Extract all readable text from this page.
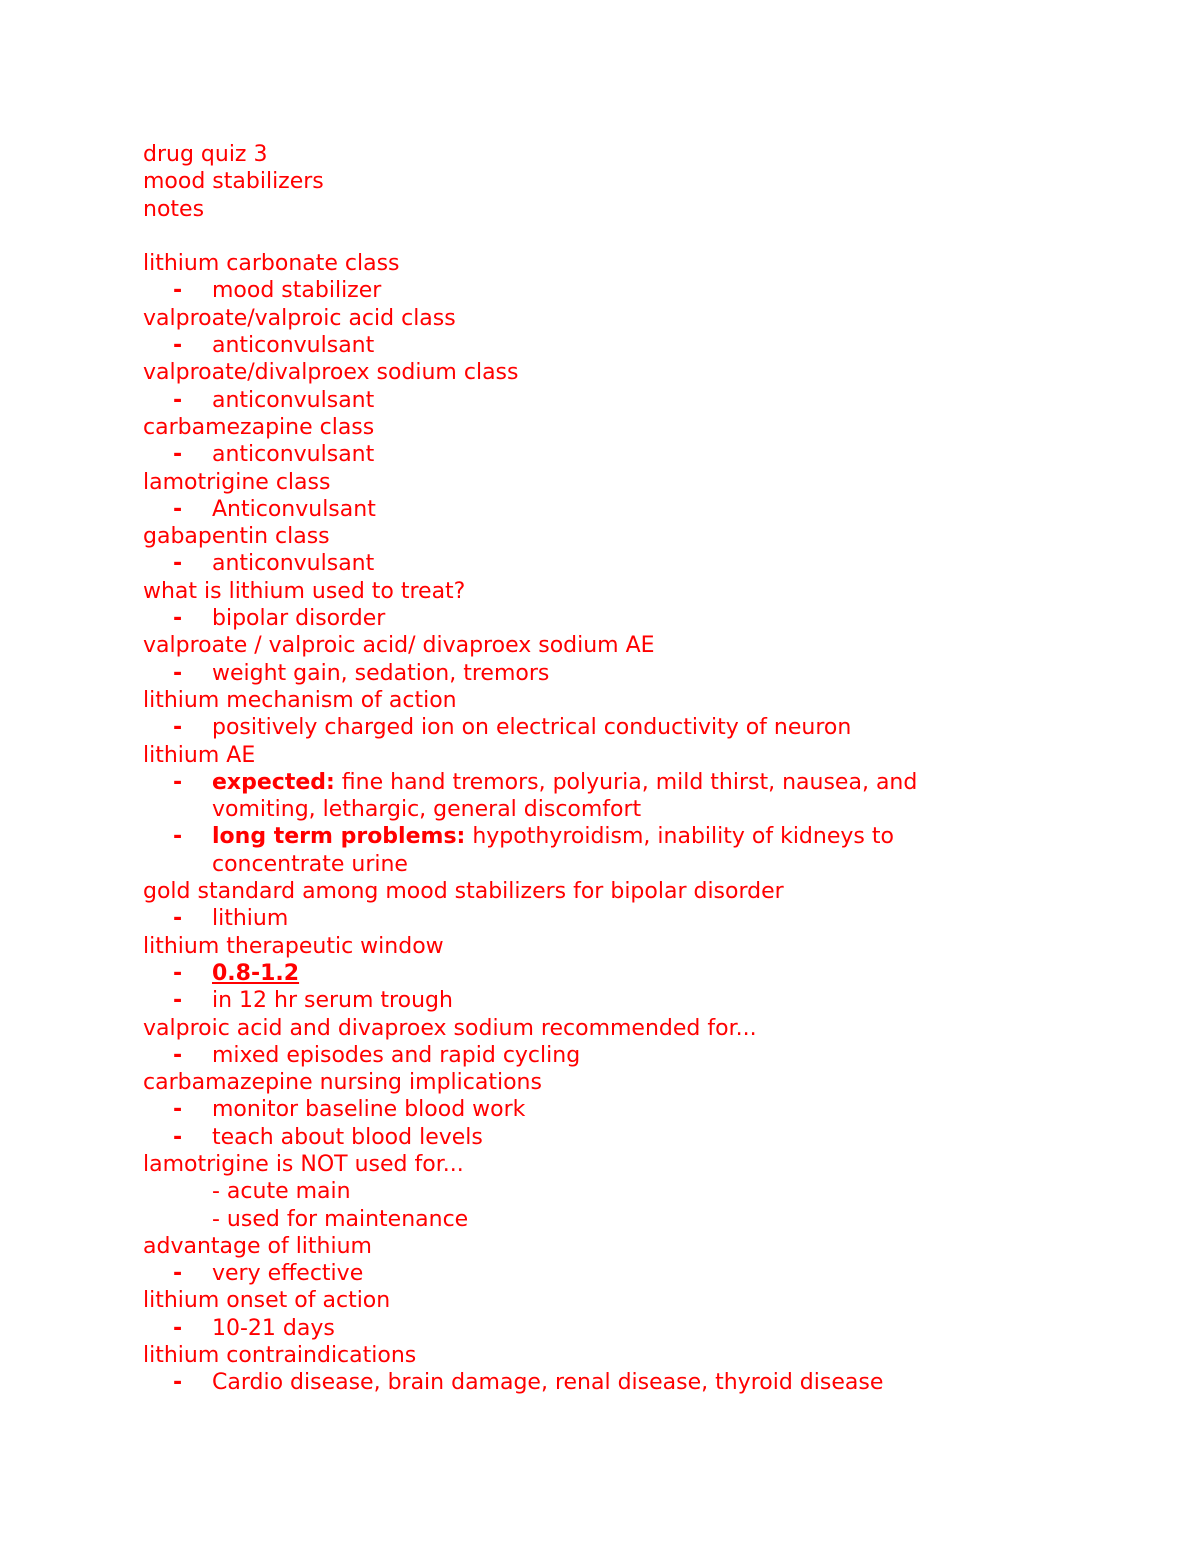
drug quiz 3
mood stabilizers
notes
lithium carbonate class
- mood stabilizer
valproate/valproic acid class
- anticonvulsant
valproate/divalproex sodium class
- anticonvulsant
carbamezapine class
- anticonvulsant
lamotrigine class
- Anticonvulsant
gabapentin class
- anticonvulsant
what is lithium used to treat?
- bipolar disorder
valproate / valproic acid/ divaproex sodium AE
- weight gain, sedation, tremors
lithium mechanism of action
- positively charged ion on electrical conductivity of neuron
lithium AE
- expected: fine hand tremors, polyuria, mild thirst, nausea, and vomiting, lethargic, general discomfort
- long term problems: hypothyroidism, inability of kidneys to concentrate urine
gold standard among mood stabilizers for bipolar disorder
- lithium
lithium therapeutic window
- 0.8-1.2
- in 12 hr serum trough
valproic acid and divaproex sodium recommended for...
- mixed episodes and rapid cycling
carbamazepine nursing implications
- monitor baseline blood work
- teach about blood levels
lamotrigine is NOT used for...
- acute main
- used for maintenance
advantage of lithium
- very effective
lithium onset of action
- 10-21 days
lithium contraindications
- Cardio disease, brain damage, renal disease, thyroid disease
